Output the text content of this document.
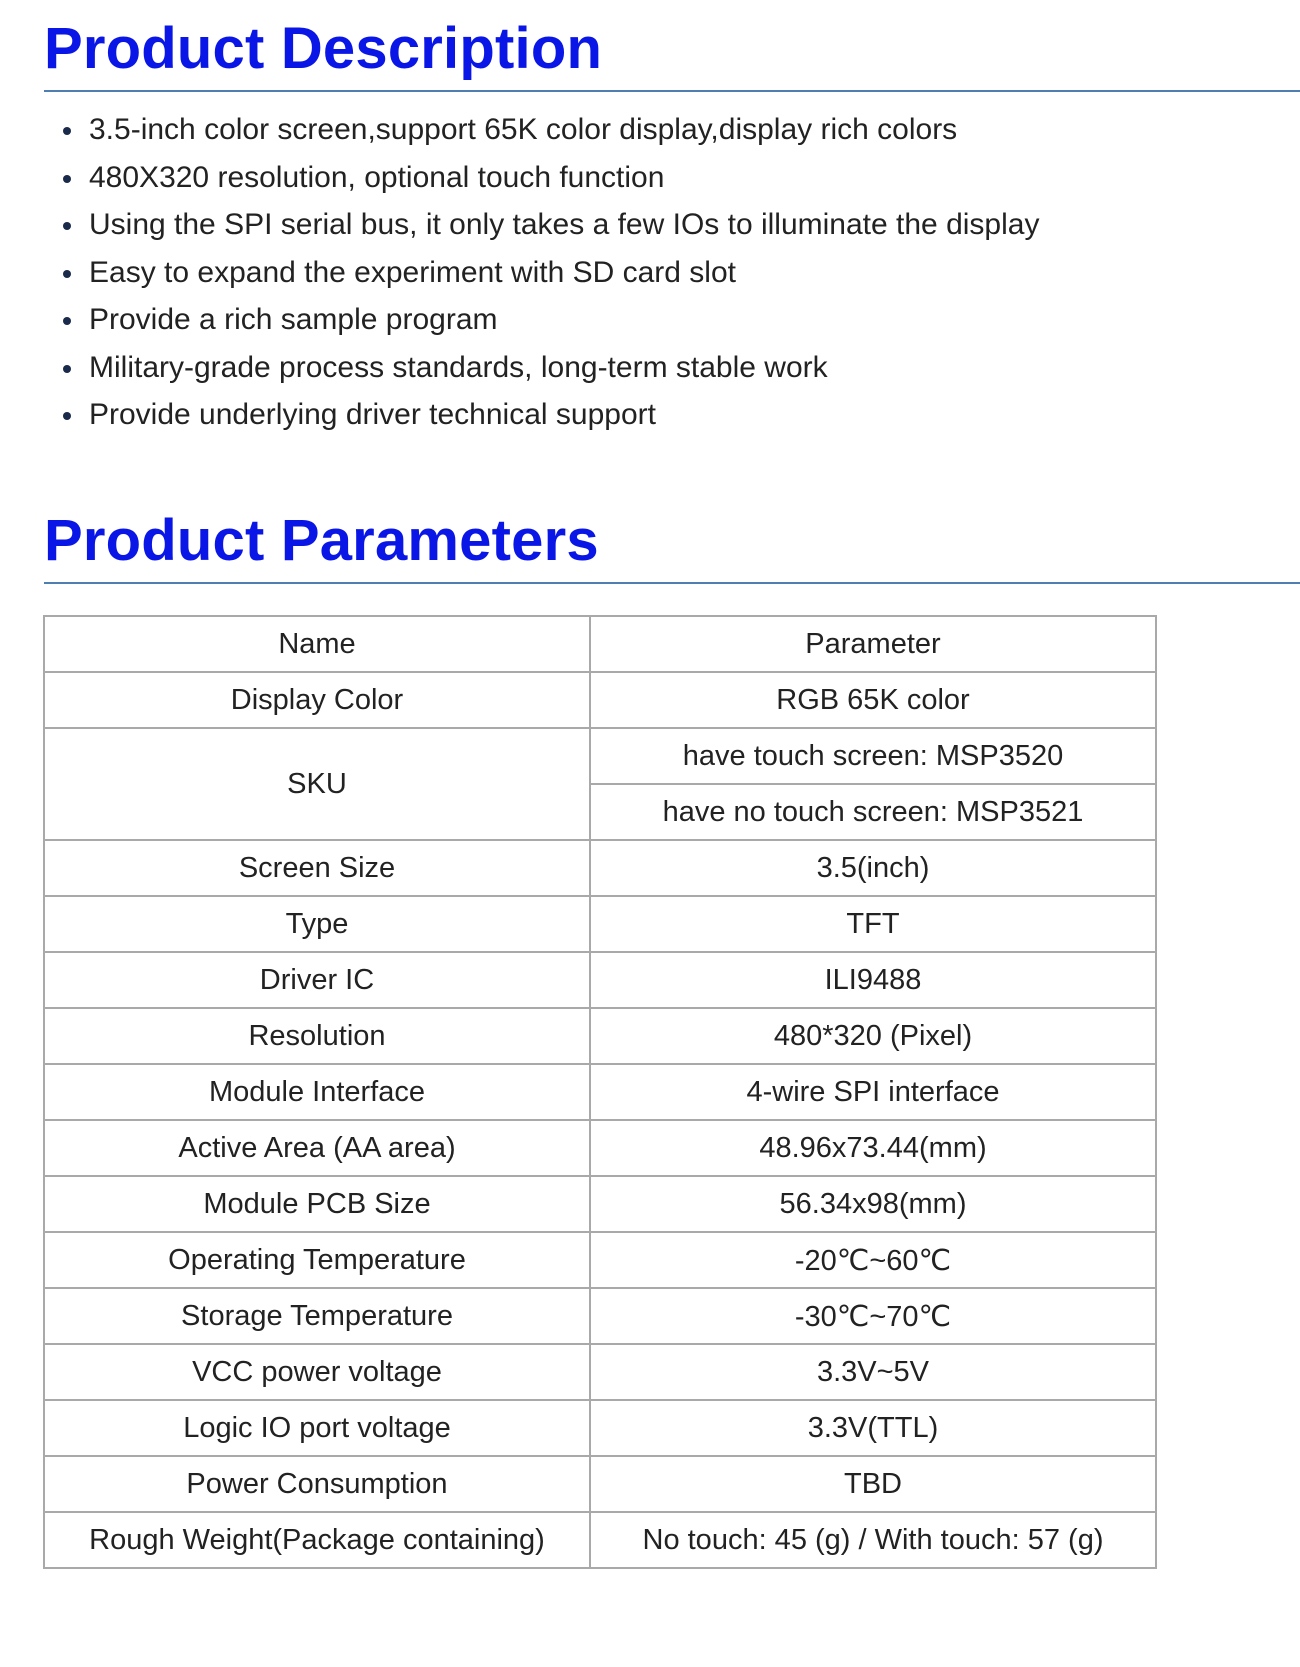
Product Description
3.5-inch color screen,support 65K color display,display rich colors
480X320 resolution, optional touch function
Using the SPI serial bus, it only takes a few IOs to illuminate the display
Easy to expand the experiment with SD card slot
Provide a rich sample program
Military-grade process standards, long-term stable work
Provide underlying driver technical support
Product Parameters
Name	Parameter
Display Color	RGB 65K color
SKU	have touch screen: MSP3520
	have no touch screen: MSP3521
Screen Size	3.5(inch)
Type	TFT
Driver IC	ILI9488
Resolution	480*320 (Pixel)
Module Interface	4-wire SPI interface
Active Area (AA area)	48.96x73.44(mm)
Module PCB Size	56.34x98(mm)
Operating Temperature	-20℃~60℃
Storage Temperature	-30℃~70℃
VCC power voltage	3.3V~5V
Logic IO port voltage	3.3V(TTL)
Power Consumption	TBD
Rough Weight(Package containing)	No touch: 45 (g) / With touch: 57 (g)
